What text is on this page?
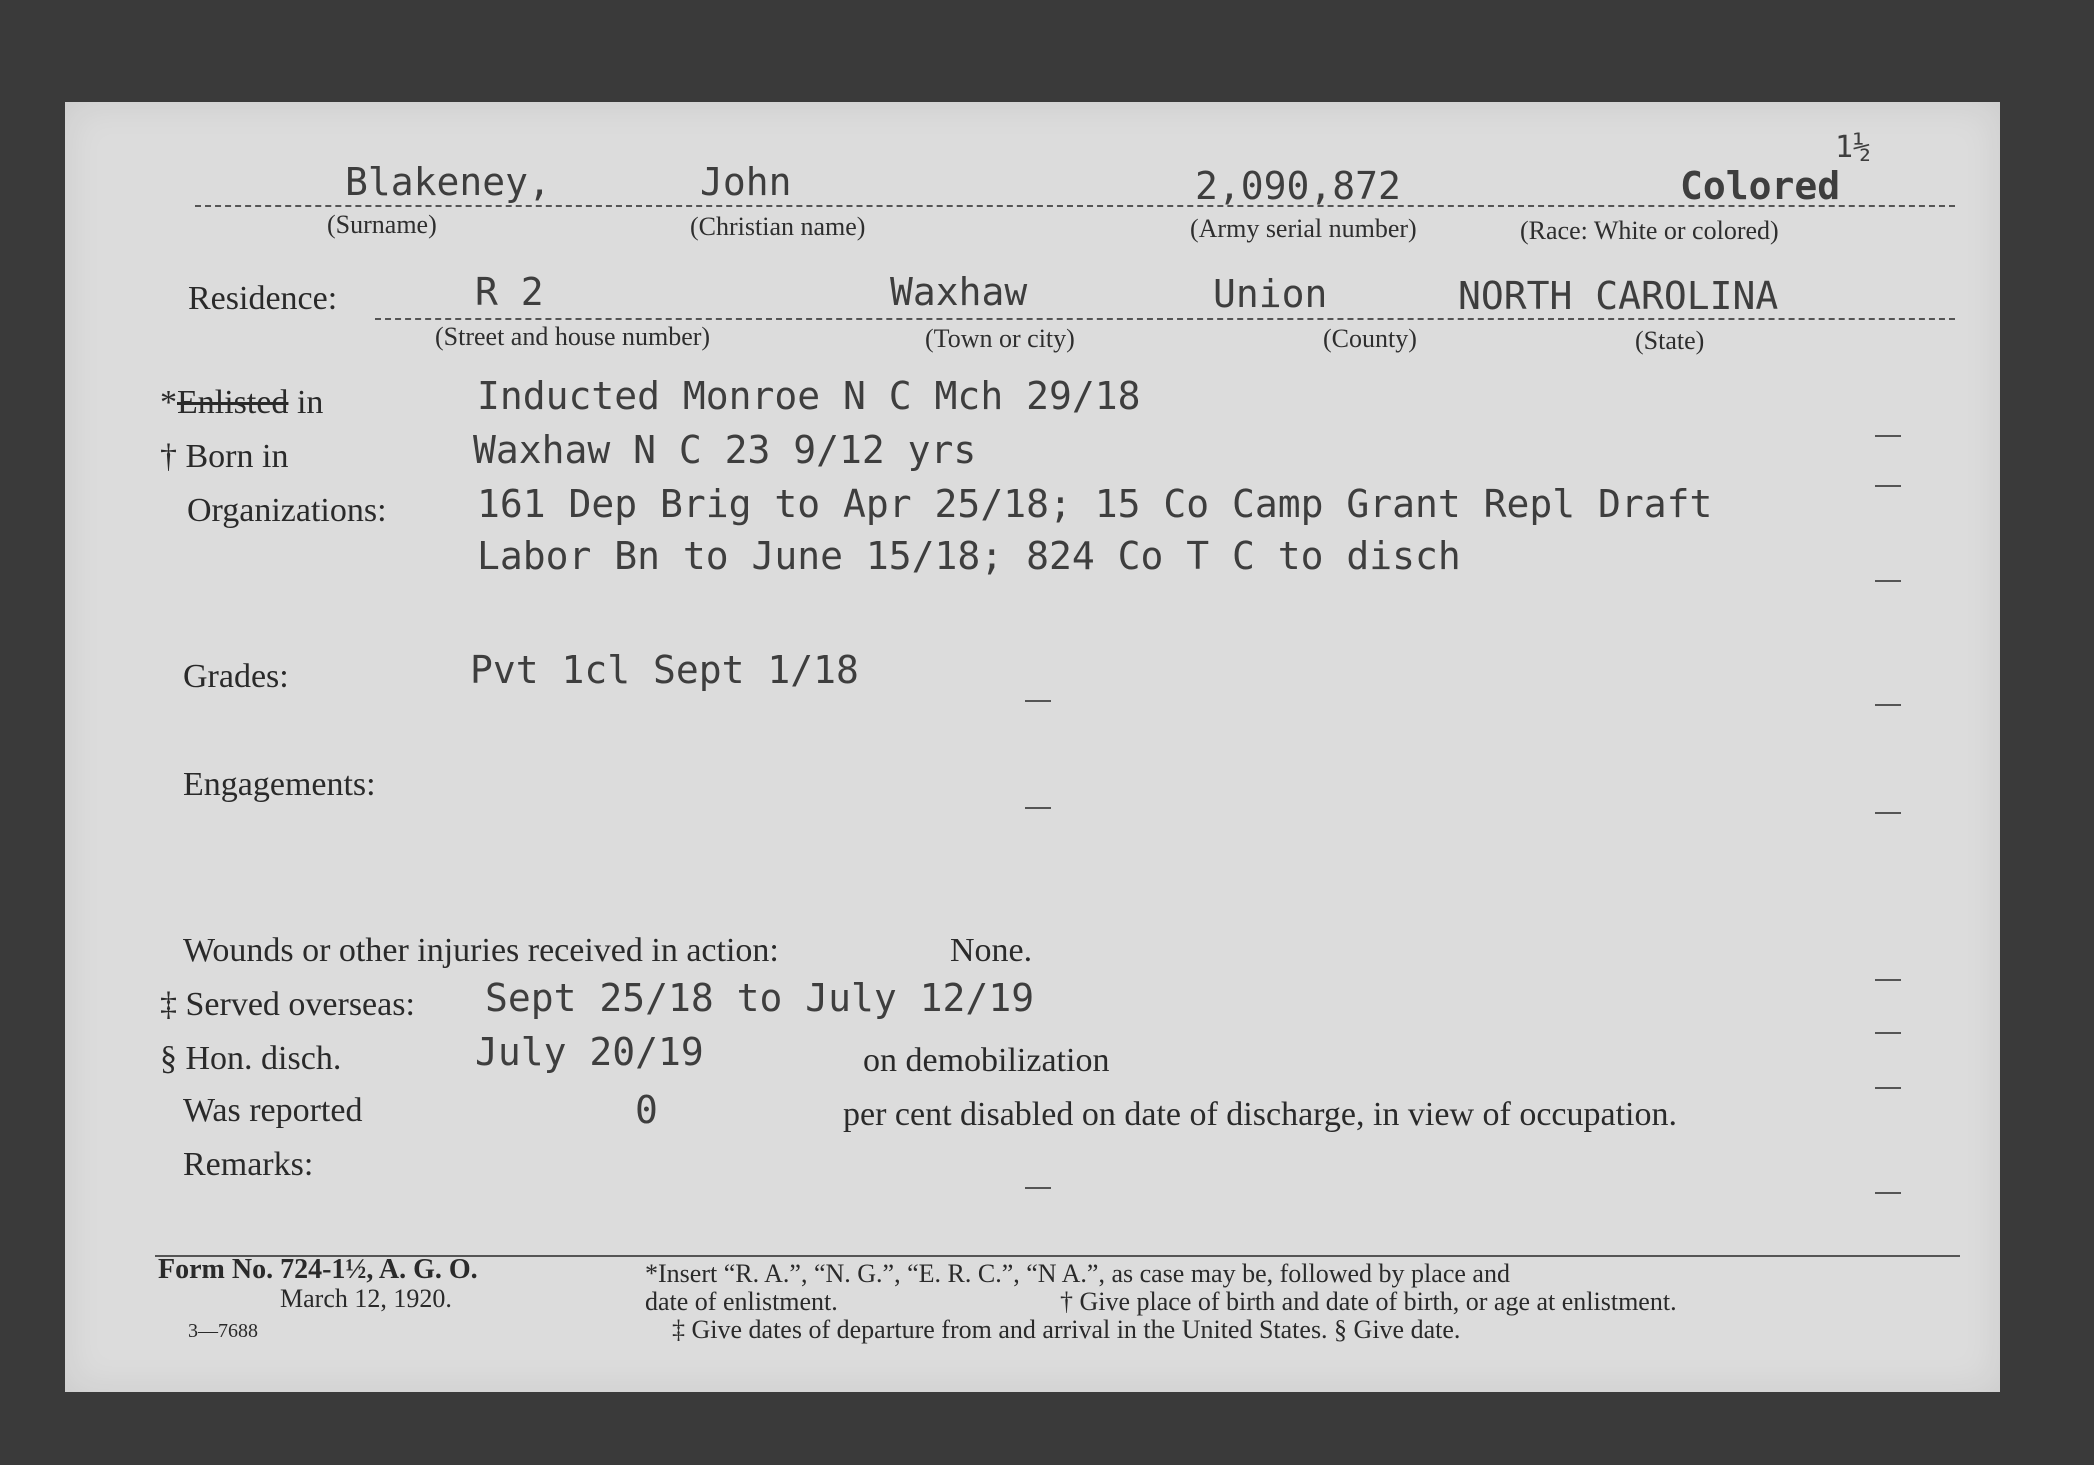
1½
Blakeney,	John	2,090,872	Colored
(Surname)	(Christian name)	(Army serial number)	(Race: White or colored)
Residence:	R 2	Waxhaw	Union	NORTH CAROLINA
(Street and house number)	(Town or city)	(County)	(State)
*Enlisted in	Inducted Monroe N C Mch 29/18
† Born in	Waxhaw N C 23 9/12 yrs
Organizations: 161 Dep Brig to Apr 25/18; 15 Co Camp Grant Repl Draft
Labor Bn to June 15/18; 824 Co T C to disch
Grades:	Pvt 1cl Sept 1/18
Engagements:
Wounds or other injuries received in action:	None.
‡ Served overseas: Sept 25/18 to July 12/19
§ Hon. disch.	July 20/19	on demobilization
Was reported	0	per cent disabled on date of discharge, in view of occupation.
Remarks:
Form No. 724-1½, A. G. O.
March 12, 1920.
3—7688
*Insert “R. A.”, “N. G.”, “E. R. C.”, “N A.”, as case may be, followed by place and
date of enlistment.	† Give place of birth and date of birth, or age at enlistment.
‡ Give dates of departure from and arrival in the United States. § Give date.
